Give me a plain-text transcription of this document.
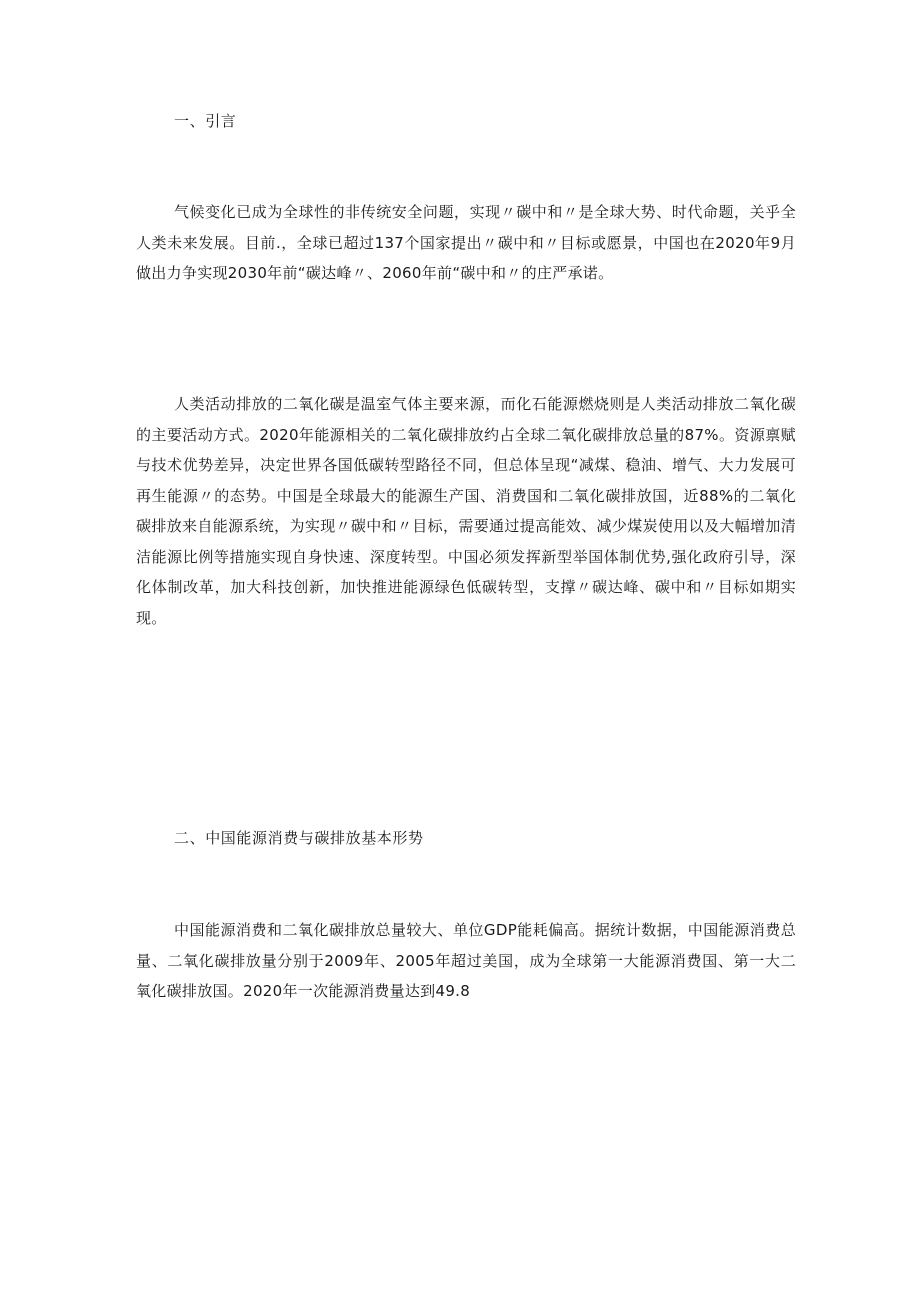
一、引言

气候变化已成为全球性的非传统安全问题，实现〃碳中和〃是全球大势、时代命题，关乎全人类未来发展。目前.，全球已超过137个国家提出〃碳中和〃目标或愿景，中国也在2020年9月做出力争实现2030年前“碳达峰〃、2060年前“碳中和〃的庄严承诺。

人类活动排放的二氧化碳是温室气体主要来源，而化石能源燃烧则是人类活动排放二氧化碳的主要活动方式。2020年能源相关的二氧化碳排放约占全球二氧化碳排放总量的87%。资源禀赋与技术优势差异，决定世界各国低碳转型路径不同，但总体呈现“减煤、稳油、增气、大力发展可再生能源〃的态势。中国是全球最大的能源生产国、消费国和二氧化碳排放国，近88%的二氧化碳排放来自能源系统，为实现〃碳中和〃目标，需要通过提高能效、减少煤炭使用以及大幅增加清洁能源比例等措施实现自身快速、深度转型。中国必须发挥新型举国体制优势,强化政府引导，深化体制改革，加大科技创新，加快推进能源绿色低碳转型，支撑〃碳达峰、碳中和〃目标如期实现。

二、中国能源消费与碳排放基本形势

中国能源消费和二氧化碳排放总量较大、单位GDP能耗偏高。据统计数据，中国能源消费总量、二氧化碳排放量分别于2009年、2005年超过美国，成为全球第一大能源消费国、第一大二氧化碳排放国。2020年一次能源消费量达到49.8
